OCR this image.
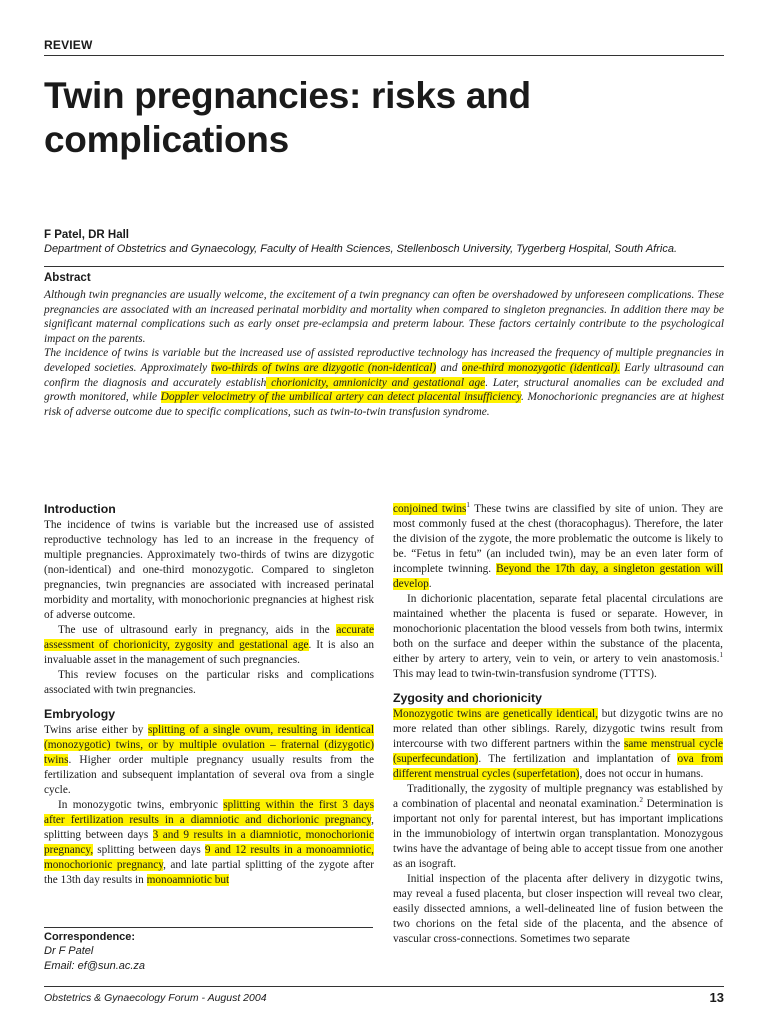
REVIEW
Twin pregnancies: risks and complications
F Patel, DR Hall
Department of Obstetrics and Gynaecology, Faculty of Health Sciences, Stellenbosch University, Tygerberg Hospital, South Africa.
Abstract

Although twin pregnancies are usually welcome, the excitement of a twin pregnancy can often be overshadowed by unforeseen complications. These pregnancies are associated with an increased perinatal morbidity and mortality when compared to singleton pregnancies. In addition there may be significant maternal complications such as early onset pre-eclampsia and preterm labour. These factors certainly contribute to the psychological impact on the parents.

The incidence of twins is variable but the increased use of assisted reproductive technology has increased the frequency of multiple pregnancies in developed societies. Approximately two-thirds of twins are dizygotic (non-identical) and one-third monozygotic (identical). Early ultrasound can confirm the diagnosis and accurately establish chorionicity, amnionicity and gestational age. Later, structural anomalies can be excluded and growth monitored, while Doppler velocimetry of the umbilical artery can detect placental insufficiency. Monochorionic pregnancies are at highest risk of adverse outcome due to specific complications, such as twin-to-twin transfusion syndrome.

Introduction

The incidence of twins is variable but the increased use of assisted reproductive technology has led to an increase in the frequency of multiple pregnancies. Approximately two-thirds of twins are dizygotic (non-identical) and one-third monozygotic. Compared to singleton pregnancies, twin pregnancies are associated with increased perinatal morbidity and mortality, with monochorionic pregnancies at highest risk of adverse outcome.

The use of ultrasound early in pregnancy, aids in the accurate assessment of chorionicity, zygosity and gestational age. It is also an invaluable asset in the management of such pregnancies.

This review focuses on the particular risks and complications associated with twin pregnancies.

Embryology

Twins arise either by splitting of a single ovum, resulting in identical (monozygotic) twins, or by multiple ovulation – fraternal (dizygotic) twins. Higher order multiple pregnancy usually results from the fertilization and subsequent implantation of several ova from a single cycle.

In monozygotic twins, embryonic splitting within the first 3 days after fertilization results in a diamniotic and dichorionic pregnancy, splitting between days 3 and 9 results in a diamniotic, monochorionic pregnancy, splitting between days 9 and 12 results in a monoamniotic, monochorionic pregnancy, and late partial splitting of the zygote after the 13th day results in monoamniotic but

conjoined twins$^1$ These twins are classified by site of union. They are most commonly fused at the chest (thoracophagus). Therefore, the later the division of the zygote, the more problematic the outcome is likely to be. “Fetus in fetu” (an included twin), may be an even later form of incomplete twinning. Beyond the 17th day, a singleton gestation will develop.

In dichorionic placentation, separate fetal placental circulations are maintained whether the placenta is fused or separate. However, in monochorionic placentation the blood vessels from both twins, intermix both on the surface and deeper within the substance of the placenta, either by artery to artery, vein to vein, or artery to vein anastomosis.$^1$ This may lead to twin-twin-transfusion syndrome (TTTS).

Zygosity and chorionicity

Monozygotic twins are genetically identical, but dizygotic twins are no more related than other siblings. Rarely, dizygotic twins result from intercourse with two different partners within the same menstrual cycle (superfecundation). The fertilization and implantation of ova from different menstrual cycles (superfetation), does not occur in humans.

Traditionally, the zygosity of multiple pregnancy was established by a combination of placental and neonatal examination.$^2$ Determination is important not only for parental interest, but has important implications in the immunobiology of intertwin organ transplantation. Monozygous twins have the advantage of being able to accept tissue from one another as an isograft.

Initial inspection of the placenta after delivery in dizygotic twins, may reveal a fused placenta, but closer inspection will reveal two clear, easily dissected amnions, a well-delineated line of fusion between the two chorions on the fetal side of the placenta, and the absence of vascular cross-connections. Sometimes two separate

Correspondence:
Dr F Patel
Email: ef@sun.ac.za
Obstetrics & Gynaecology Forum - August 2004	13
